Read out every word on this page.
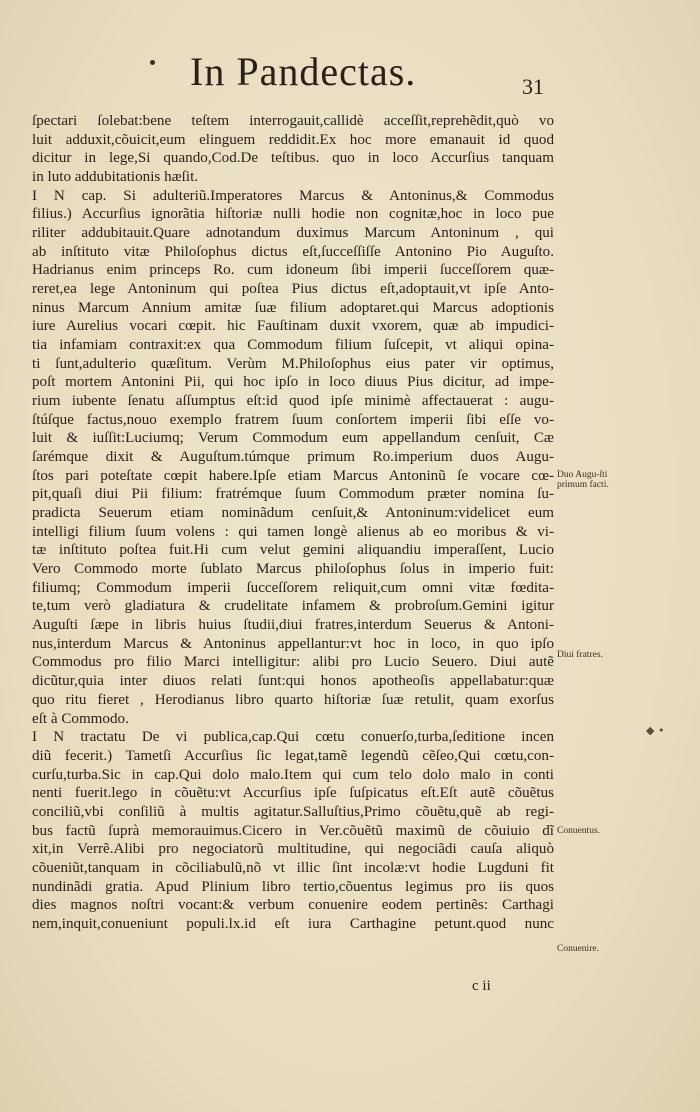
In Pandectas.	31
ſpectari ſolebat:bene teſtem interrogauit,callidè acceſſit,reprehẽdit,quò vo
luit adduxit,cõuicit,eum elinguem reddidit.Ex hoc more emanauit id quod
dicitur in lege,Si quando,Cod.De teſtibus. quo in loco Accurſius tanquam
in luto addubitationis hæſit.
I N cap. Si adulteriũ.Imperatores Marcus & Antoninus,& Commodus
filius.) Accurſius ignorãtia hiſtoriæ nulli hodie non cognitæ,hoc in loco pue
riliter addubitauit.Quare adnotandum duximus Marcum Antoninum , qui
ab inſtituto vitæ Philoſophus dictus eſt,ſucceſſiſſe Antonino Pio Auguſto.
Hadrianus enim princeps Ro. cum idoneum ſibi imperii ſucceſſorem quæ-
reret,ea lege Antoninum qui poſtea Pius dictus eſt,adoptauit,vt ipſe Anto-
ninus Marcum Annium amitæ ſuæ filium adoptaret.qui Marcus adoptionis
iure Aurelius vocari cœpit. hic Fauſtinam duxit vxorem, quæ ab impudici-
tia infamiam contraxit:ex qua Commodum filium ſuſcepit, vt aliqui opina-
ti ſunt,adulterio quæſitum. Verùm M.Philoſophus eius pater vir optimus,
poſt mortem Antonini Pii, qui hoc ipſo in loco diuus Pius dicitur, ad impe-
rium iubente ſenatu aſſumptus eſt:id quod ipſe minimè affectauerat : augu-
ſtúſque factus,nouo exemplo fratrem ſuum conſortem imperii ſibi eſſe vo-
luit & iuſſit:Luciumq; Verum Commodum eum appellandum cenſuit, Cæ
ſarémque dixit & Auguſtum.túmque primum Ro.imperium duos Augu-
ſtos pari poteſtate cœpit habere.Ipſe etiam Marcus Antoninũ ſe vocare cœ-
pit,quaſi diui Pii filium: fratrémque ſuum Commodum præter nomina ſu-
pradicta Seuerum etiam nominãdum cenſuit,& Antoninum:videlicet eum
intelligi filium ſuum volens : qui tamen longè alienus ab eo moribus & vi-
tæ inſtituto poſtea fuit.Hi cum velut gemini aliquandiu imperaſſent, Lucio
Vero Commodo morte ſublato Marcus philoſophus ſolus in imperio fuit:
filiumq; Commodum imperii ſucceſſorem reliquit,cum omni vitæ fœdita-
te,tum verò gladiatura & crudelitate infamem & probroſum.Gemini igitur
Auguſti ſæpe in libris huius ſtudii,diui fratres,interdum Seuerus & Antoni-
nus,interdum Marcus & Antoninus appellantur:vt hoc in loco, in quo ipſo
Commodus pro filio Marci intelligitur: alibi pro Lucio Seuero. Diui autẽ
dicũtur,quia inter diuos relati ſunt:qui honos apotheoſis appellabatur:quæ
quo ritu fieret , Herodianus libro quarto hiſtoriæ ſuæ retulit, quam exorſus
eſt à Commodo.
I N tractatu De vi publica,cap.Qui cœtu conuerſo,turba,ſeditione incen
diũ fecerit.) Tametſi Accurſius ſic legat,tamẽ legendũ cẽſeo,Qui cœtu,con-
curſu,turba.Sic in cap.Qui dolo malo.Item qui cum telo dolo malo in conti
nenti fuerit.lego in cõuẽtu:vt Accurſius ipſe ſuſpicatus eſt.Eſt autẽ cõuẽtus
conciliũ,vbi conſiliũ à multis agitatur.Salluſtius,Primo cõuẽtu,quẽ ab regi-
bus factũ ſuprà memorauimus.Cicero in Ver.cõuẽtũ maximũ de cõuiuio dĩ
xit,in Verrẽ.Alibi pro negociatorũ multitudine, qui negociãdi cauſa aliquò
cõueniũt,tanquam in cõciliabulũ,nõ vt illic ſint incolæ:vt hodie Lugduni fit
nundinãdi gratia. Apud Plinium libro tertio,cõuentus legimus pro iis quos
dies magnos noſtri vocant:& verbum conuenire eodem pertinẽs: Carthagi
nem,inquit,conueniunt populi.lx.id eſt iura Carthagine petunt.quod nunc
Duo Augu-ſti primum facti.
Diui fratres.
Conuentus.
Conuenire.
◆ •
c ii
